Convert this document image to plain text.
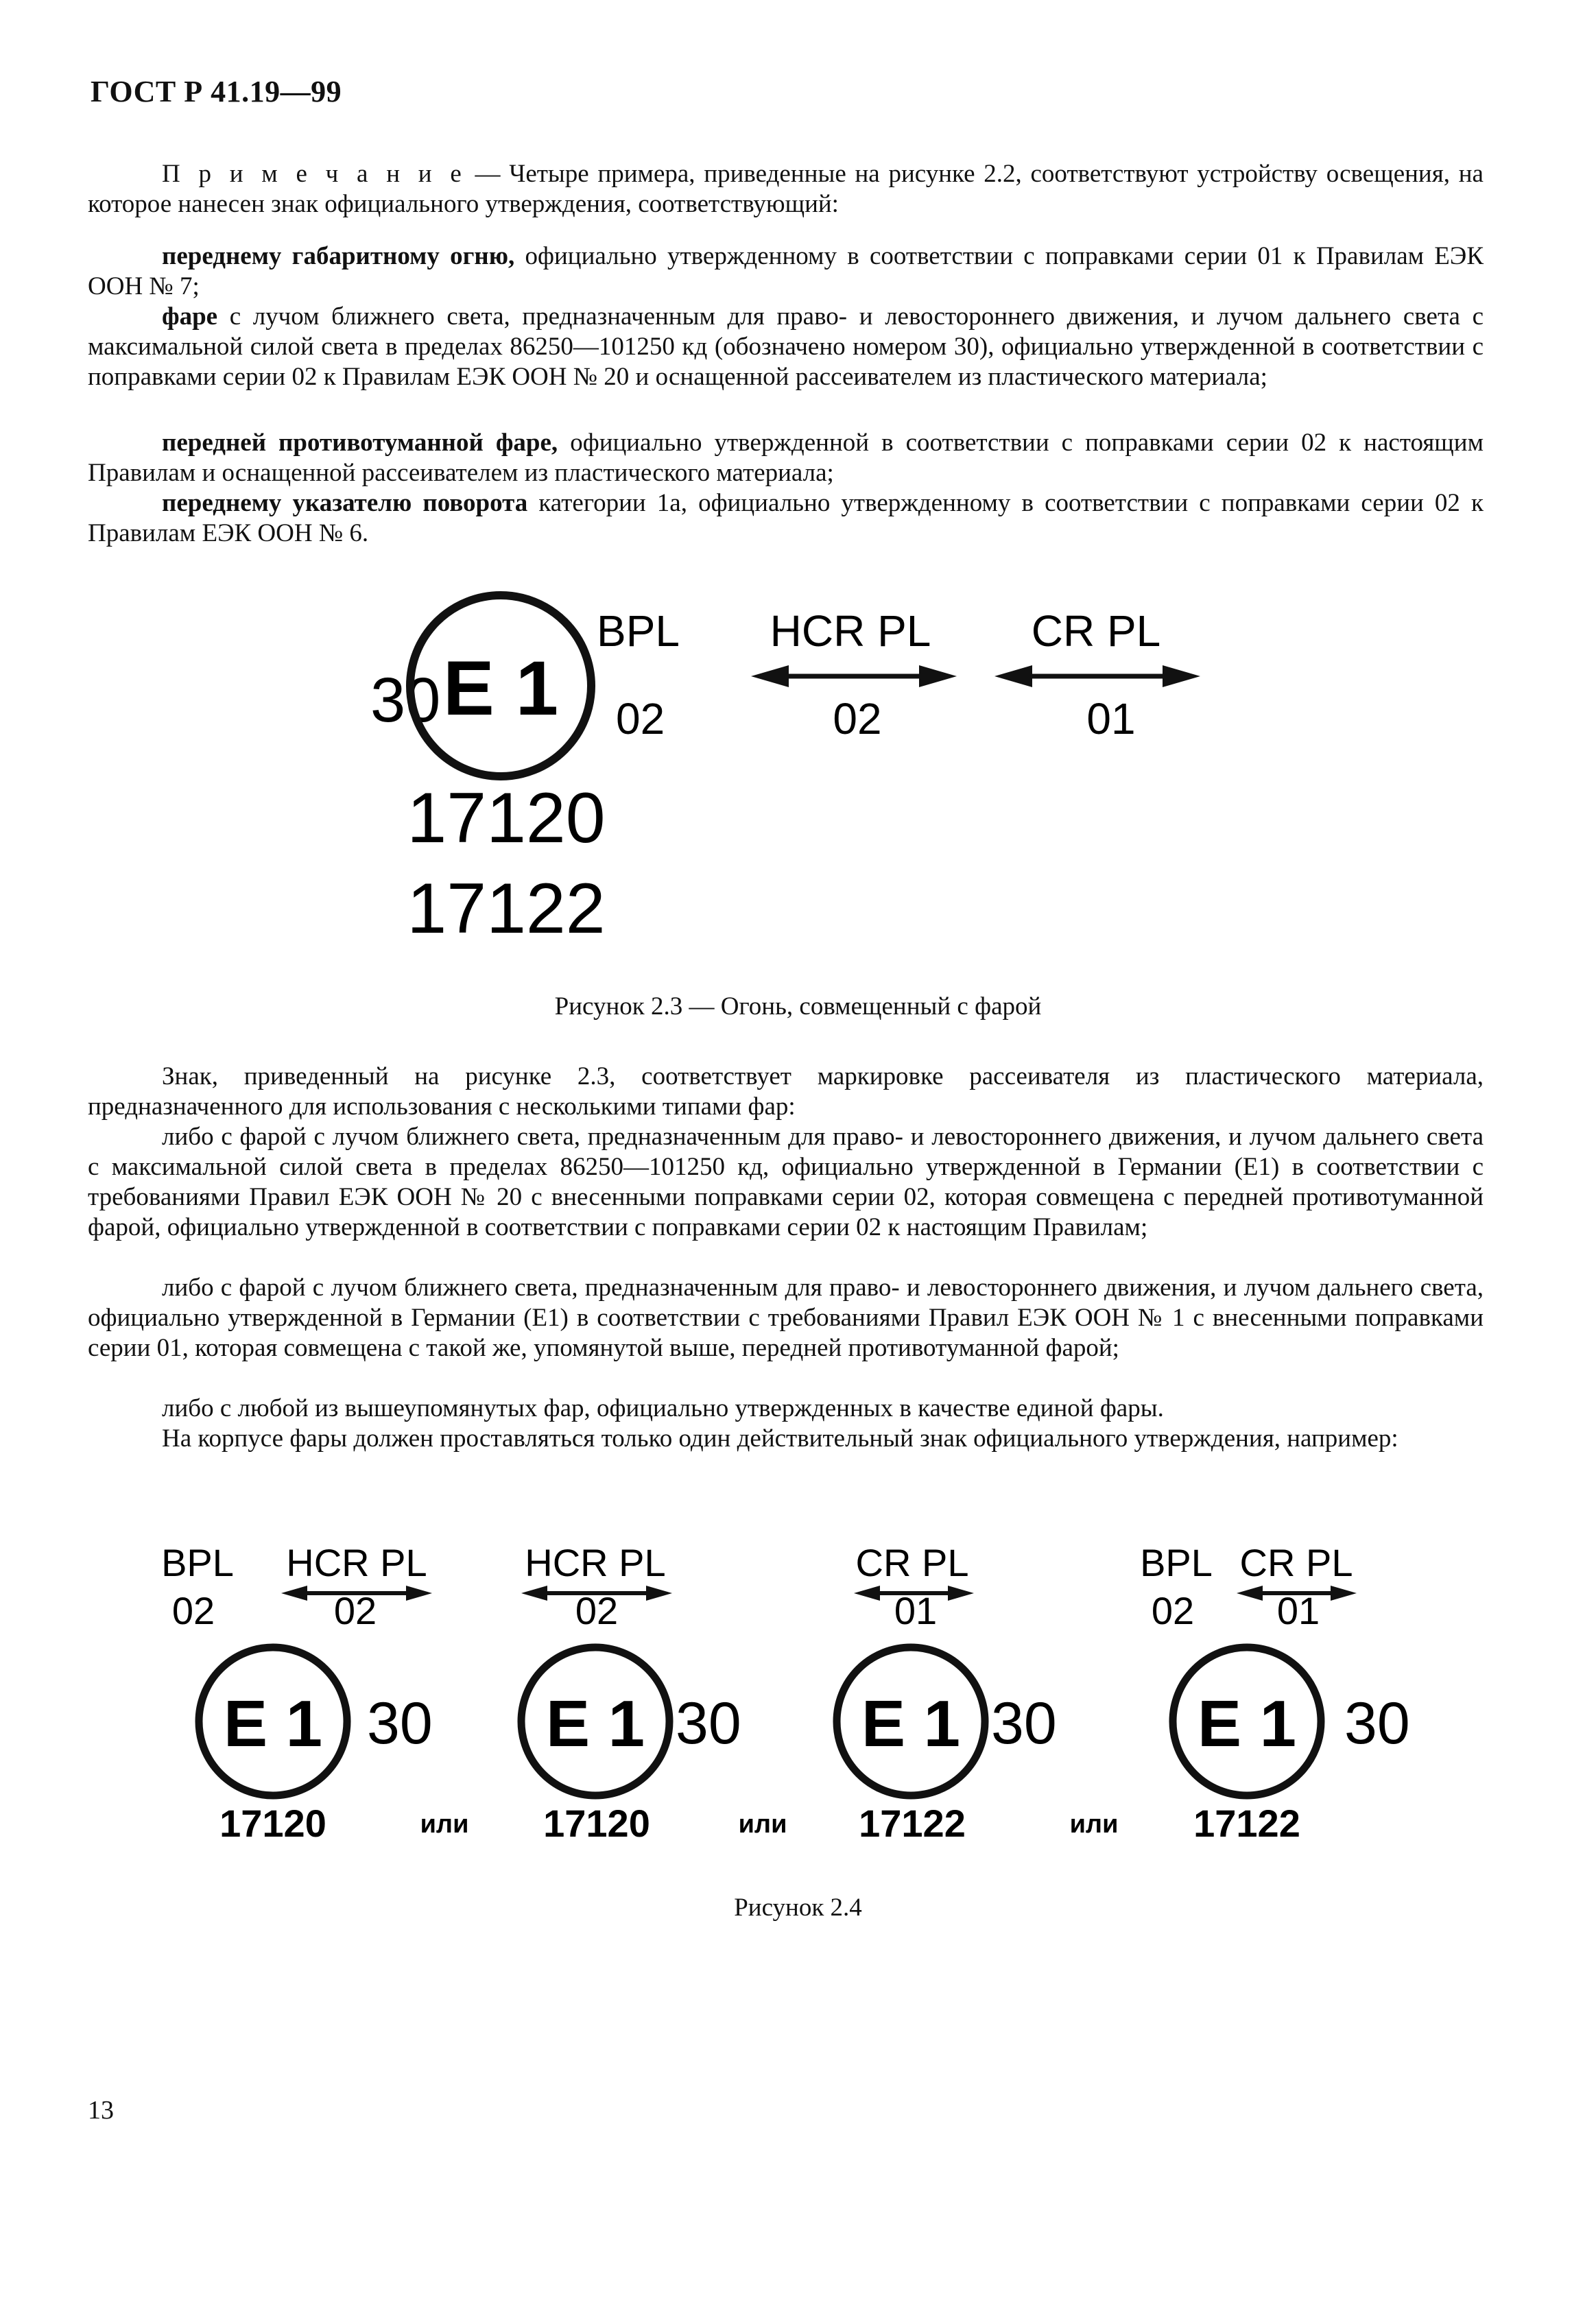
ГОСТ Р 41.19—99
П р и м е ч а н и е — Четыре примера, приведенные на рисунке 2.2, соответствуют устройству освещения, на которое нанесен знак официального утверждения, соответствующий:
переднему габаритному огню, официально утвержденному в соответствии с поправками серии 01 к Правилам ЕЭК ООН № 7;
фаре с лучом ближнего света, предназначенным для право- и левостороннего движения, и лучом дальнего света с максимальной силой света в пределах 86250—101250 кд (обозначено номером 30), официально утвержденной в соответствии с поправками серии 02 к Правилам ЕЭК ООН № 20 и оснащенной рассеивателем из пластического материала;
передней противотуманной фаре, официально утвержденной в соответствии с поправками серии 02 к настоящим Правилам и оснащенной рассеивателем из пластического материала;
переднему указателю поворота категории 1а, официально утвержденному в соответствии с поправками серии 02 к Правилам ЕЭК ООН № 6.
30 E 1
BPL
02
HCR PL
02
CR PL
01
17120
17122
Рисунок 2.3 — Огонь, совмещенный с фарой
Знак, приведенный на рисунке 2.3, соответствует маркировке рассеивателя из пластического материала, предназначенного для использования с несколькими типами фар:
либо с фарой с лучом ближнего света, предназначенным для право- и левостороннего движения, и лучом дальнего света с максимальной силой света в пределах 86250—101250 кд, официально утвержденной в Германии (Е1) в соответствии с требованиями Правил ЕЭК ООН № 20 с внесенными поправками серии 02, которая совмещена с передней противотуманной фарой, официально утвержденной в соответствии с поправками серии 02 к настоящим Правилам;
либо с фарой с лучом ближнего света, предназначенным для право- и левостороннего движения, и лучом дальнего света, официально утвержденной в Германии (Е1) в соответствии с требованиями Правил ЕЭК ООН № 1 с внесенными поправками серии 01, которая совмещена с такой же, упомянутой выше, передней противотуманной фарой;
либо с любой из вышеупомянутых фар, официально утвержденных в качестве единой фары.
На корпусе фары должен проставляться только один действительный знак официального утверждения, например:
BPL
02
HCR PL
02
E 1 30
17120	или
HCR PL
02
E 1 30
17120	или
CR PL
01
E 1 30
17122	или
BPL
02
CR PL
01
E 1 30
17122
Рисунок 2.4
13
